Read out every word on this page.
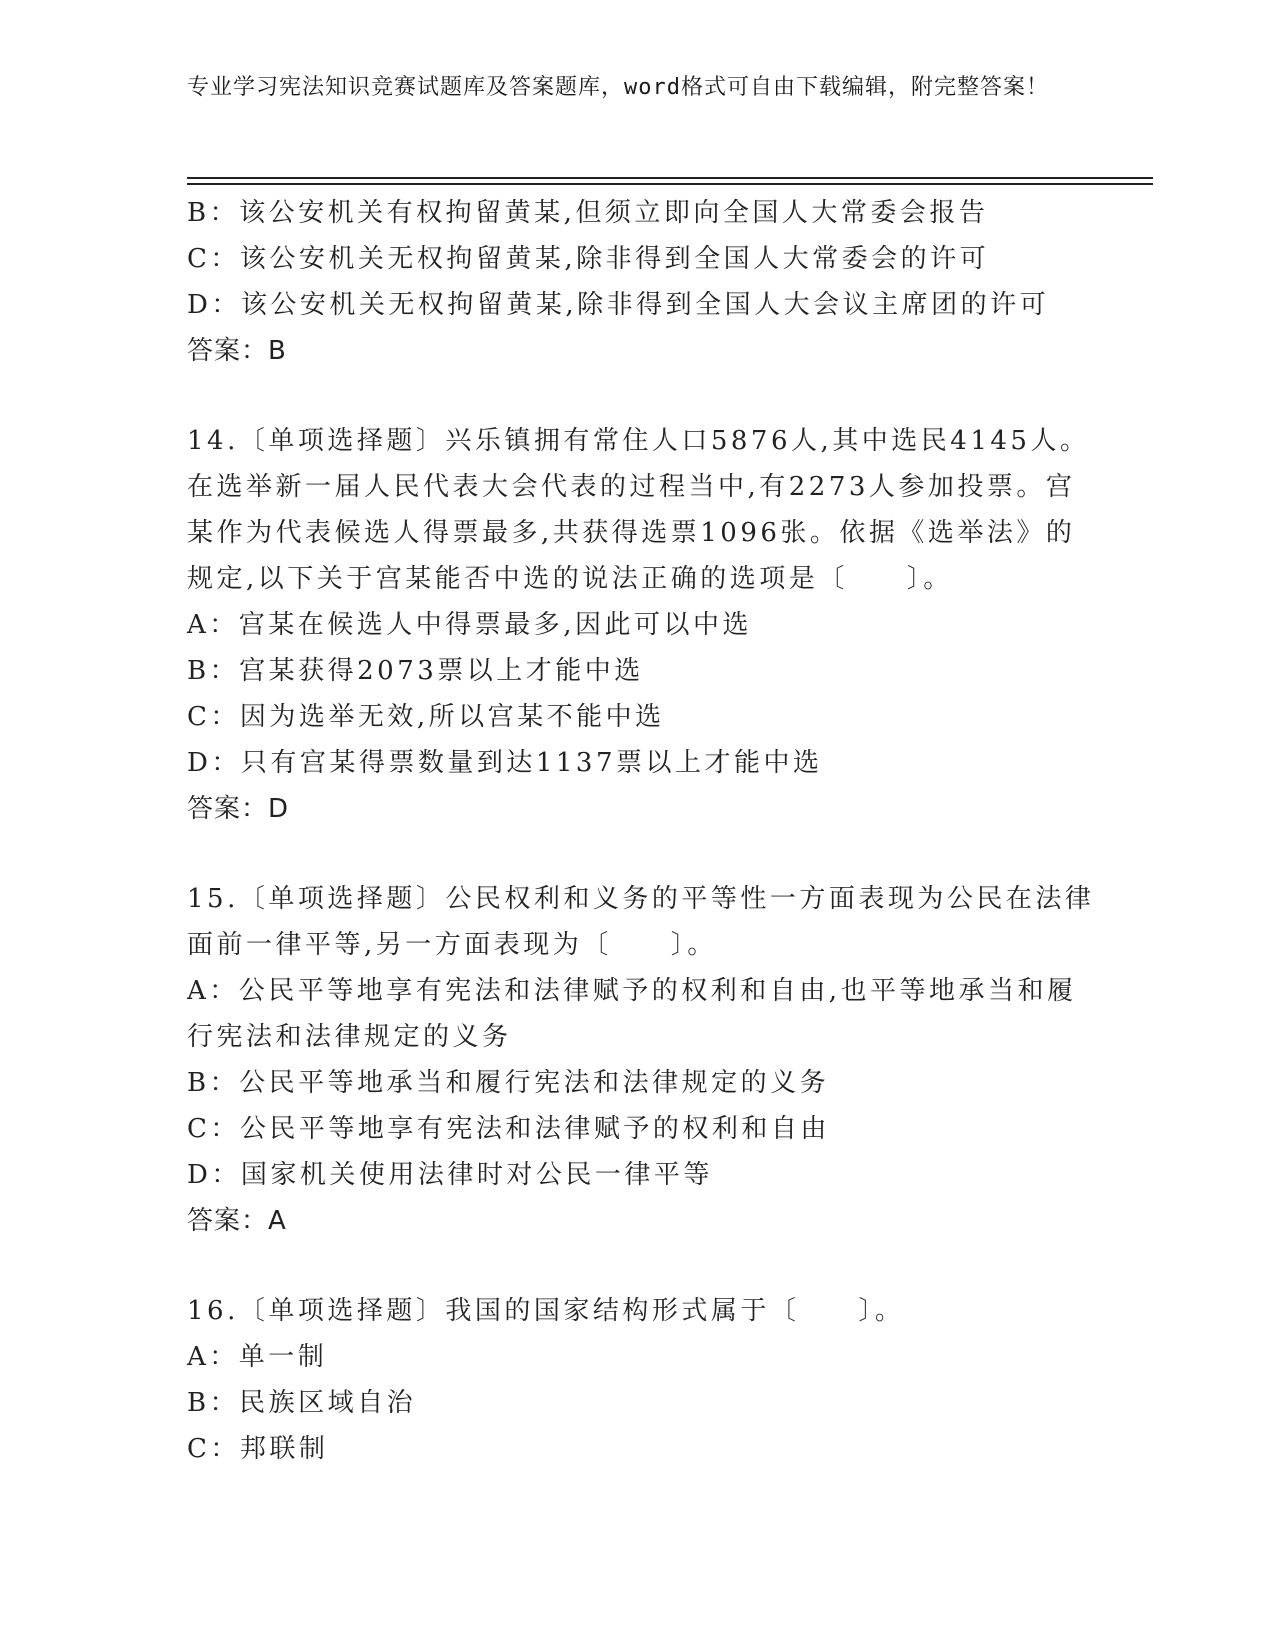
专业学习宪法知识竞赛试题库及答案题库，word格式可自由下载编辑，附完整答案！
B：该公安机关有权拘留黄某,但须立即向全国人大常委会报告
C：该公安机关无权拘留黄某,除非得到全国人大常委会的许可
D：该公安机关无权拘留黄某,除非得到全国人大会议主席团的许可
答案：B
14.〔单项选择题〕兴乐镇拥有常住人口5876人,其中选民4145人。
在选举新一届人民代表大会代表的过程当中,有2273人参加投票。宫
某作为代表候选人得票最多,共获得选票1096张。依据《选举法》的
规定,以下关于宫某能否中选的说法正确的选项是〔　　〕。
A：宫某在候选人中得票最多,因此可以中选
B：宫某获得2073票以上才能中选
C：因为选举无效,所以宫某不能中选
D：只有宫某得票数量到达1137票以上才能中选
答案：D
15.〔单项选择题〕公民权利和义务的平等性一方面表现为公民在法律
面前一律平等,另一方面表现为〔　　〕。
A：公民平等地享有宪法和法律赋予的权利和自由,也平等地承当和履
行宪法和法律规定的义务
B：公民平等地承当和履行宪法和法律规定的义务
C：公民平等地享有宪法和法律赋予的权利和自由
D：国家机关使用法律时对公民一律平等
答案：A
16.〔单项选择题〕我国的国家结构形式属于〔　　〕。
A：单一制
B：民族区域自治
C：邦联制
